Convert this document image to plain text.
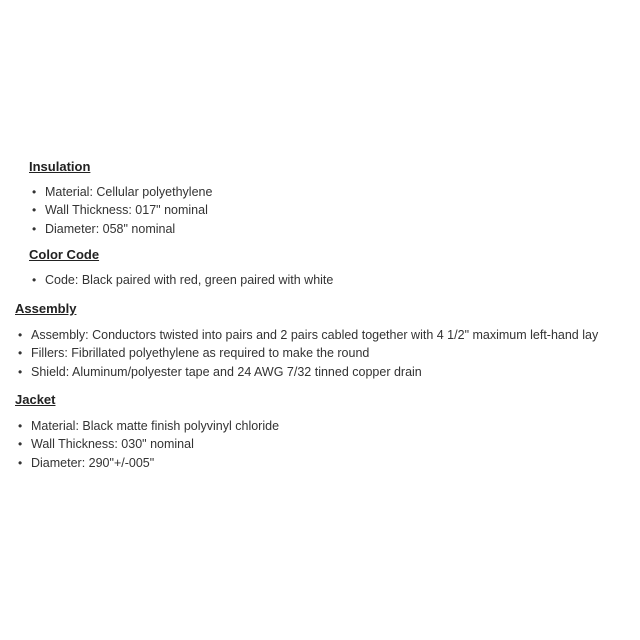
Insulation
• Material: Cellular polyethylene
• Wall Thickness: 017" nominal
• Diameter: 058" nominal
Color Code
• Code: Black paired with red, green paired with white
Assembly
• Assembly: Conductors twisted into pairs and 2 pairs cabled together with 4 1/2" maximum left-hand lay
• Fillers: Fibrillated polyethylene as required to make the round
• Shield: Aluminum/polyester tape and 24 AWG 7/32 tinned copper drain
Jacket
• Material: Black matte finish polyvinyl chloride
• Wall Thickness: 030" nominal
• Diameter: 290"+/-005"
